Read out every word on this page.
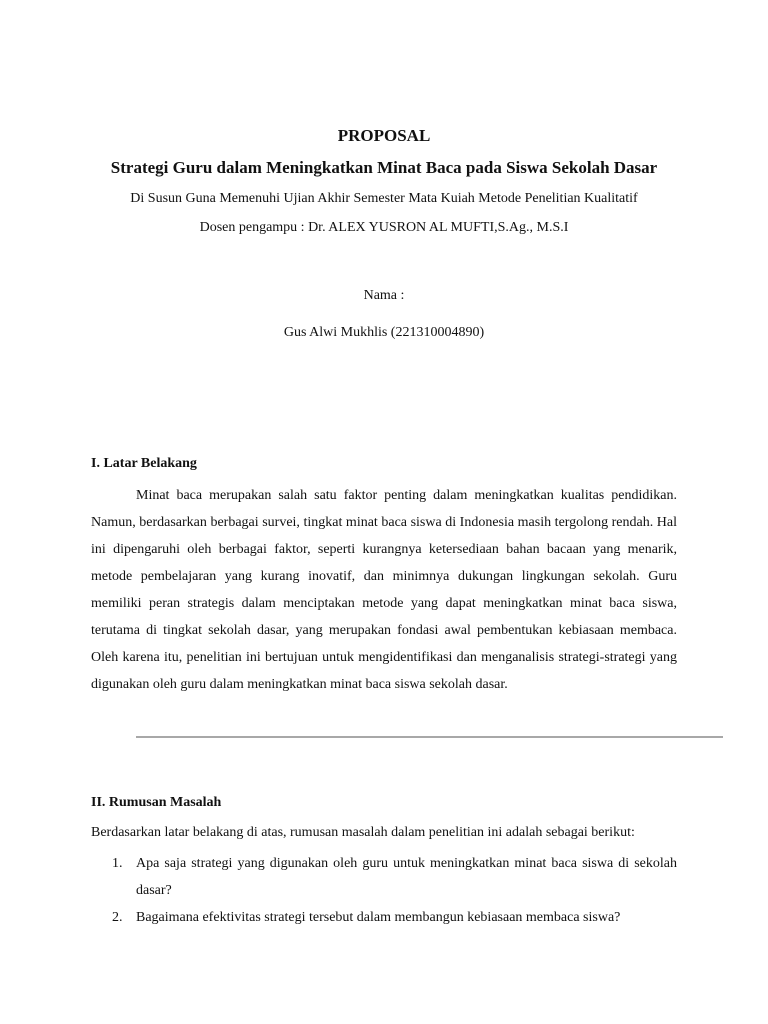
PROPOSAL
Strategi Guru dalam Meningkatkan Minat Baca pada Siswa Sekolah Dasar
Di Susun Guna Memenuhi Ujian Akhir Semester Mata Kuiah Metode Penelitian Kualitatif
Dosen pengampu : Dr. ALEX YUSRON AL MUFTI,S.Ag., M.S.I
Nama :
Gus Alwi Mukhlis (221310004890)
I. Latar Belakang

Minat baca merupakan salah satu faktor penting dalam meningkatkan kualitas pendidikan. Namun, berdasarkan berbagai survei, tingkat minat baca siswa di Indonesia masih tergolong rendah. Hal ini dipengaruhi oleh berbagai faktor, seperti kurangnya ketersediaan bahan bacaan yang menarik, metode pembelajaran yang kurang inovatif, dan minimnya dukungan lingkungan sekolah. Guru memiliki peran strategis dalam menciptakan metode yang dapat meningkatkan minat baca siswa, terutama di tingkat sekolah dasar, yang merupakan fondasi awal pembentukan kebiasaan membaca. Oleh karena itu, penelitian ini bertujuan untuk mengidentifikasi dan menganalisis strategi-strategi yang digunakan oleh guru dalam meningkatkan minat baca siswa sekolah dasar.

II. Rumusan Masalah
Berdasarkan latar belakang di atas, rumusan masalah dalam penelitian ini adalah sebagai berikut:
1. Apa saja strategi yang digunakan oleh guru untuk meningkatkan minat baca siswa di sekolah dasar?
2. Bagaimana efektivitas strategi tersebut dalam membangun kebiasaan membaca siswa?
